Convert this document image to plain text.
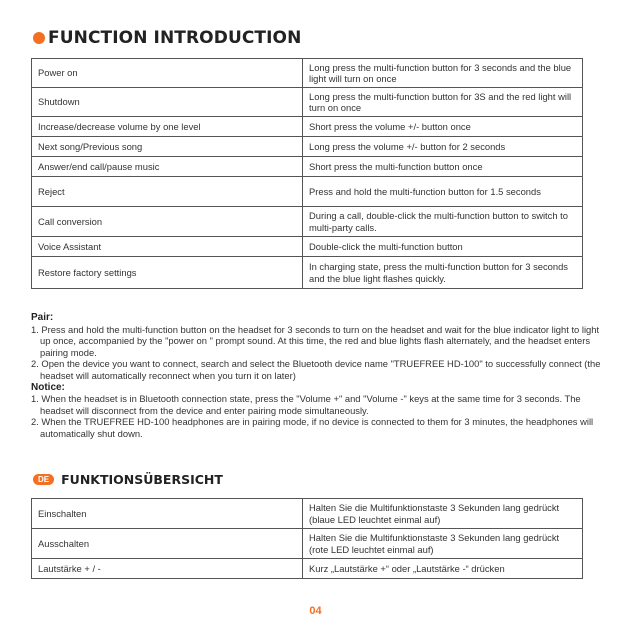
FUNCTION INTRODUCTION
Power on	Long press the multi-function button for 3 seconds and the blue light will turn on once
Shutdown	Long press the multi-function button for 3S and the red light will turn on once
Increase/decrease volume by one level	Short press the volume +/- button once
Next song/Previous song	Long press the volume +/- button for 2 seconds
Answer/end call/pause music	Short press the multi-function button once
Reject	Press and hold the multi-function button for 1.5 seconds
Call conversion	During a call, double-click the multi-function button to switch to multi-party calls.
Voice Assistant	Double-click the multi-function button
Restore factory settings	In charging state, press the multi-function button for 3 seconds and the blue light flashes quickly.
Pair:
1. Press and hold the multi-function button on the headset for 3 seconds to turn on the headset and wait for the blue indicator light to light up once, accompanied by the "power on " prompt sound. At this time, the red and blue lights flash alternately, and the headset enters pairing mode.
2. Open the device you want to connect, search and select the Bluetooth device name "TRUEFREE HD-100" to successfully connect (the headset will automatically reconnect when you turn it on later)
Notice:
1. When the headset is in Bluetooth connection state, press the "Volume +" and "Volume -" keys at the same time for 3 seconds. The headset will disconnect from the device and enter pairing mode simultaneously.
2. When the TRUEFREE HD-100 headphones are in pairing mode, if no device is connected to them for 3 minutes, the headphones will automatically shut down.
DE FUNKTIONSÜBERSICHT
Einschalten	Halten Sie die Multifunktionstaste 3 Sekunden lang gedrückt (blaue LED leuchtet einmal auf)
Ausschalten	Halten Sie die Multifunktionstaste 3 Sekunden lang gedrückt (rote LED leuchtet einmal auf)
Lautstärke + / -	Kurz „Lautstärke +“ oder „Lautstärke -“ drücken
04
